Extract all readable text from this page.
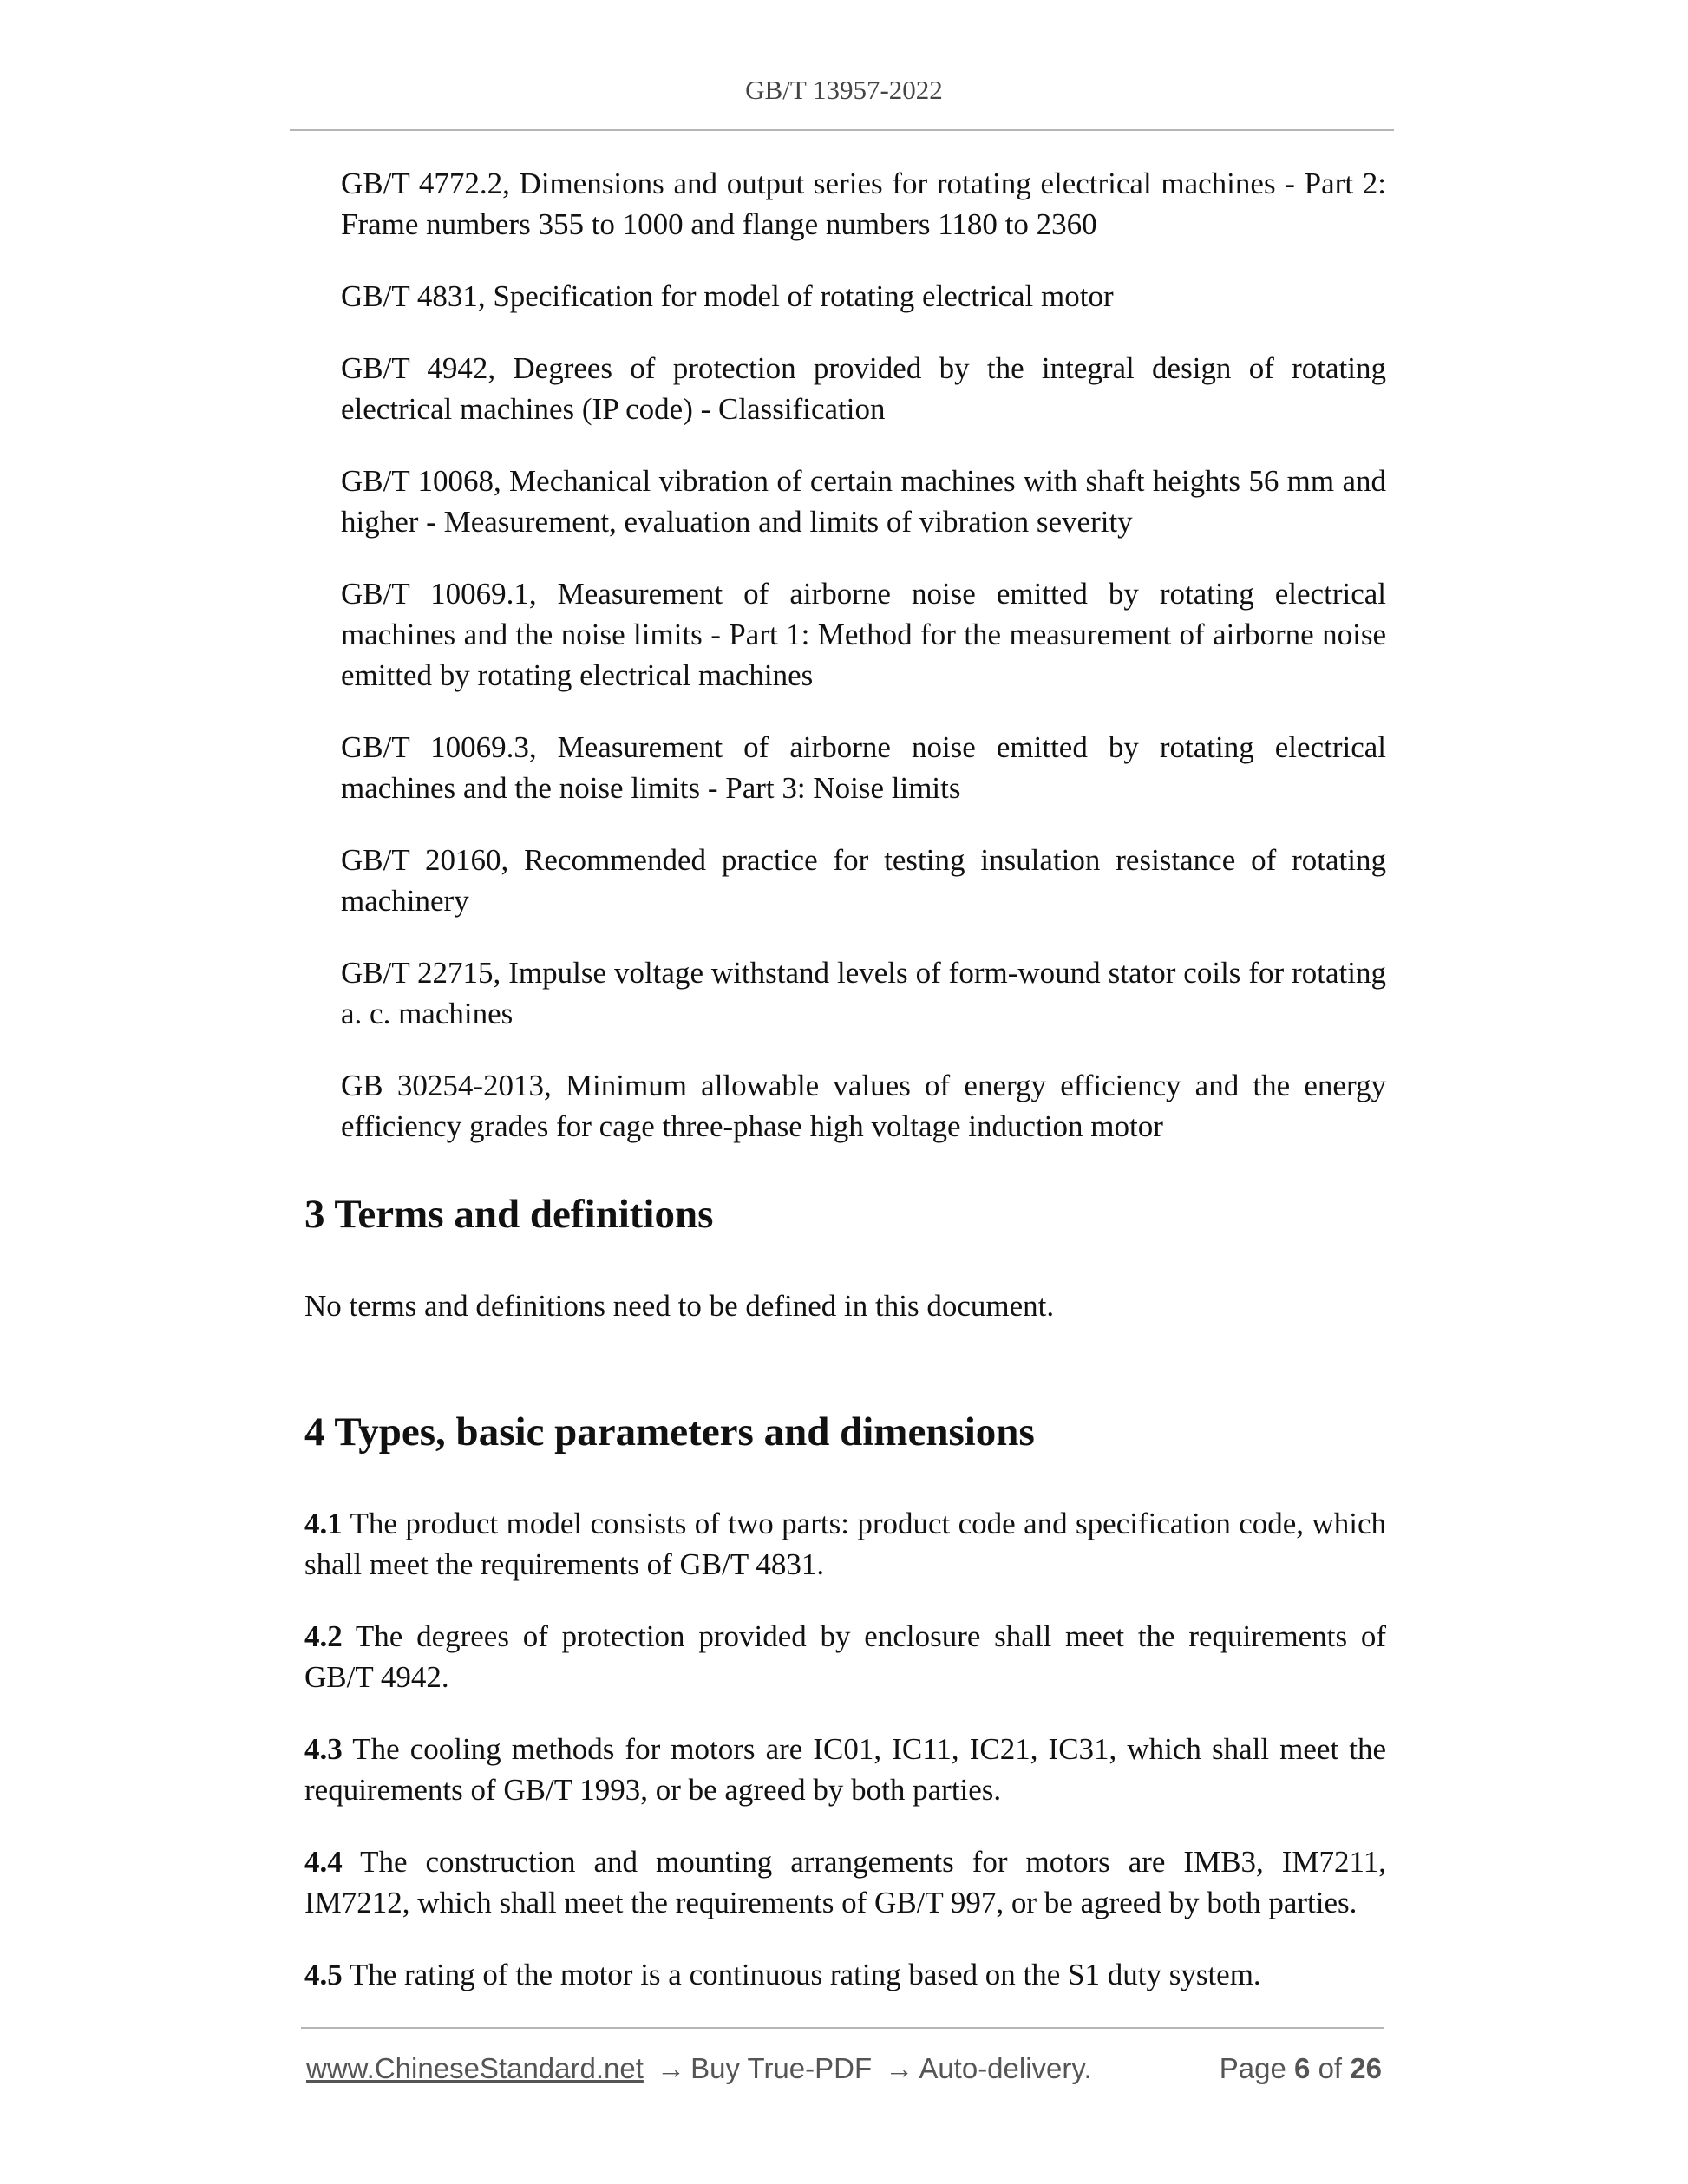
GB/T 13957-2022

GB/T 4772.2, Dimensions and output series for rotating electrical machines - Part 2: Frame numbers 355 to 1000 and flange numbers 1180 to 2360

GB/T 4831, Specification for model of rotating electrical motor

GB/T 4942, Degrees of protection provided by the integral design of rotating electrical machines (IP code) - Classification

GB/T 10068, Mechanical vibration of certain machines with shaft heights 56 mm and higher - Measurement, evaluation and limits of vibration severity

GB/T 10069.1, Measurement of airborne noise emitted by rotating electrical machines and the noise limits - Part 1: Method for the measurement of airborne noise emitted by rotating electrical machines

GB/T 10069.3, Measurement of airborne noise emitted by rotating electrical machines and the noise limits - Part 3: Noise limits

GB/T 20160, Recommended practice for testing insulation resistance of rotating machinery

GB/T 22715, Impulse voltage withstand levels of form-wound stator coils for rotating a. c. machines

GB 30254-2013, Minimum allowable values of energy efficiency and the energy efficiency grades for cage three-phase high voltage induction motor

3 Terms and definitions

No terms and definitions need to be defined in this document.

4 Types, basic parameters and dimensions

4.1 The product model consists of two parts: product code and specification code, which shall meet the requirements of GB/T 4831.

4.2 The degrees of protection provided by enclosure shall meet the requirements of GB/T 4942.

4.3 The cooling methods for motors are IC01, IC11, IC21, IC31, which shall meet the requirements of GB/T 1993, or be agreed by both parties.

4.4 The construction and mounting arrangements for motors are IMB3, IM7211, IM7212, which shall meet the requirements of GB/T 997, or be agreed by both parties.

4.5 The rating of the motor is a continuous rating based on the S1 duty system.

www.ChineseStandard.net → Buy True-PDF → Auto-delivery.	Page 6 of 26
